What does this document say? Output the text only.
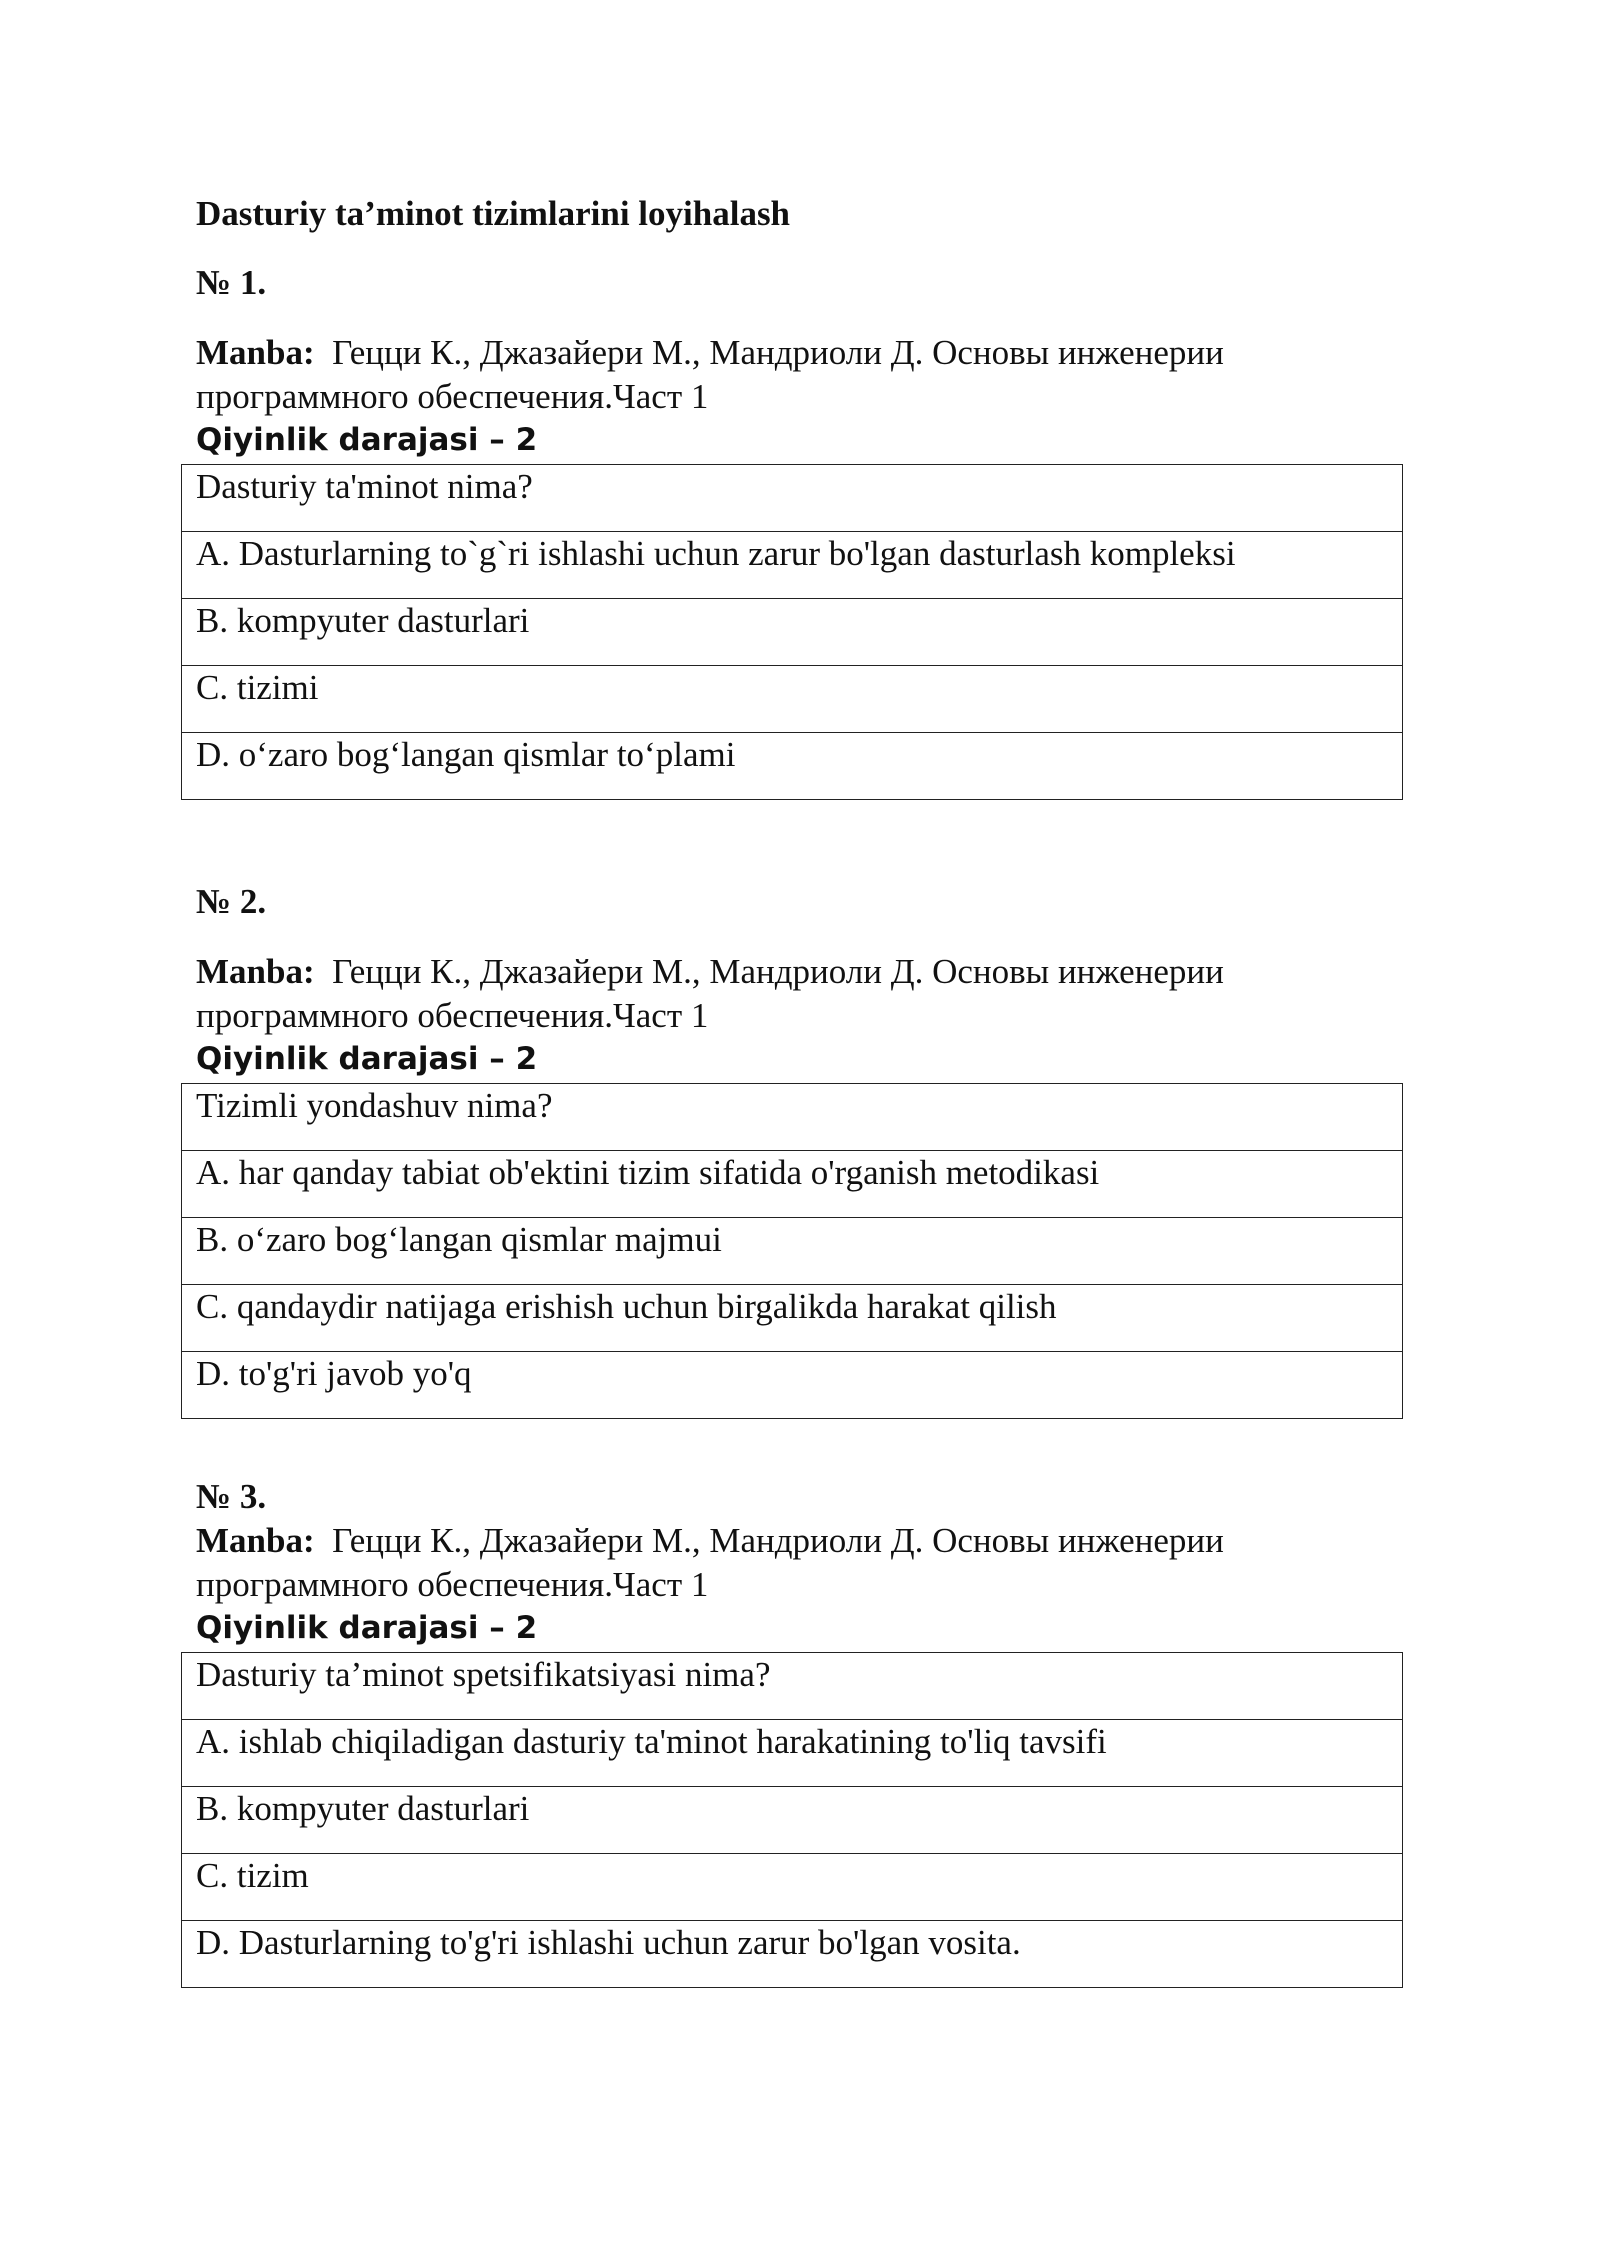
Dasturiy ta’minot tizimlarini loyihalash
№ 1.
Manba: Гецци К., Джазайери М., Мандриоли Д. Основы инженерии программного обеспечения.Част 1
Qiyinlik darajasi – 2
Dasturiy ta'minot nima?
A. Dasturlarning to`g`ri ishlashi uchun zarur bo'lgan dasturlash kompleksi
B. kompyuter dasturlari
C. tizimi
D. o‘zaro bog‘langan qismlar to‘plami
№ 2.
Manba: Гецци К., Джазайери М., Мандриоли Д. Основы инженерии программного обеспечения.Част 1
Qiyinlik darajasi – 2
Tizimli yondashuv nima?
A. har qanday tabiat ob'ektini tizim sifatida o'rganish metodikasi
B. o‘zaro bog‘langan qismlar majmui
C. qandaydir natijaga erishish uchun birgalikda harakat qilish
D. to'g'ri javob yo'q
№ 3.
Manba: Гецци К., Джазайери М., Мандриоли Д. Основы инженерии программного обеспечения.Част 1
Qiyinlik darajasi – 2
Dasturiy ta’minot spetsifikatsiyasi nima?
A. ishlab chiqiladigan dasturiy ta'minot harakatining to'liq tavsifi
B. kompyuter dasturlari
C. tizim
D. Dasturlarning to'g'ri ishlashi uchun zarur bo'lgan vosita.
